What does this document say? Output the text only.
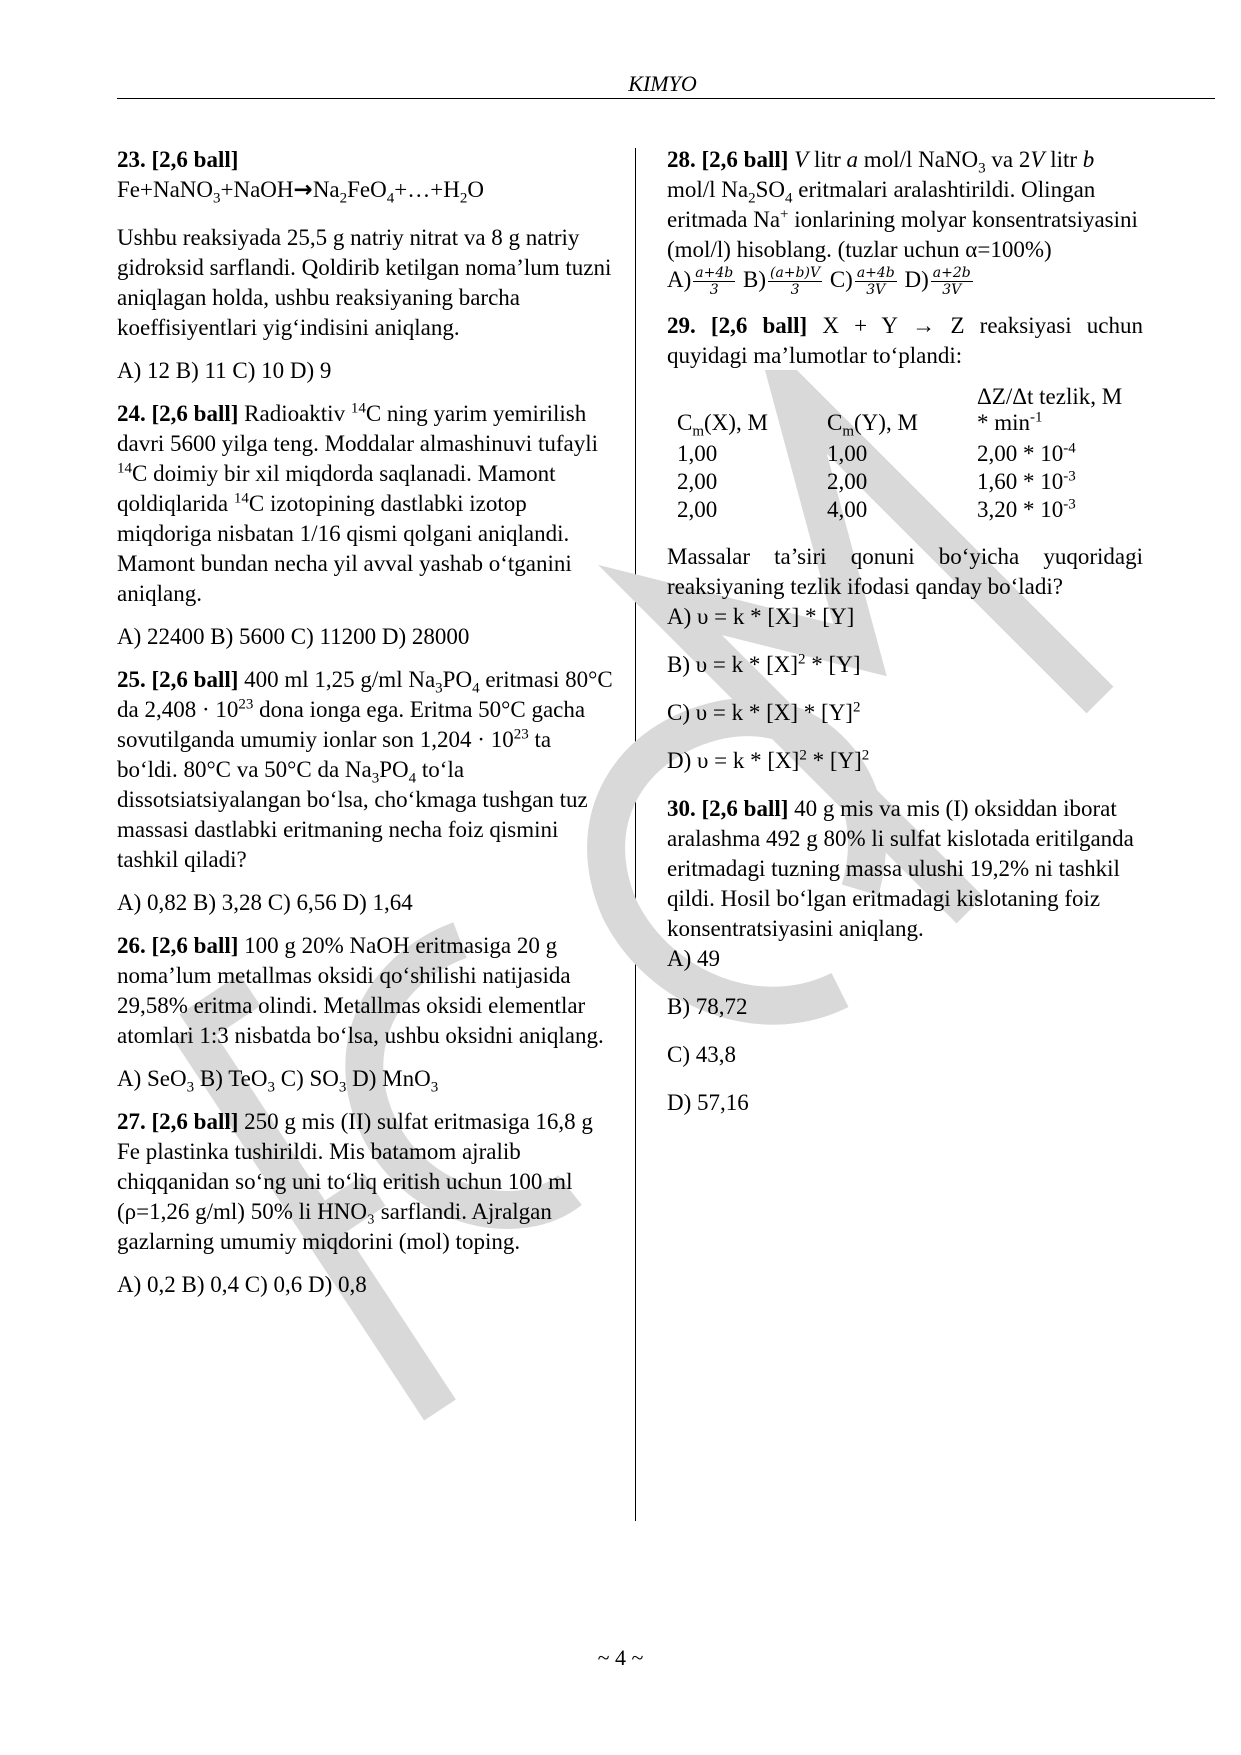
KIMYO
23. [2,6 ball]
$Fe+NaNO_3+NaOH\to Na_2FeO_4+\dots+H_2O$

Ushbu reaksiyada 25,5 g natriy nitrat va 8 g natriy gidroksid sarflandi. Qoldirib ketilgan noma’lum tuzni aniqlagan holda, ushbu reaksiyaning barcha koeffisiyentlari yig‘indisini aniqlang.

A) 12 B) 11 C) 10 D) 9

24. [2,6 ball] Radioaktiv $^{14}$C ning yarim yemirilish davri 5600 yilga teng. Moddalar almashinuvi tufayli $^{14}$C doimiy bir xil miqdorda saqlanadi. Mamont qoldiqlarida $^{14}$C izotopining dastlabki izotop miqdoriga nisbatan 1/16 qismi qolgani aniqlandi. Mamont bundan necha yil avval yashab o‘tganini aniqlang.

A) 22400 B) 5600 C) 11200 D) 28000

25. [2,6 ball] 400 ml 1,25 g/ml $Na_3PO_4$ eritmasi 80°C da $2,408 \cdot 10^{23}$ dona ionga ega. Eritma 50°C gacha sovutilganda umumiy ionlar son $1,204 \cdot 10^{23}$ ta bo‘ldi. 80°C va 50°C da $Na_3PO_4$ to‘la dissotsiatsiyalangan bo‘lsa, cho‘kmaga tushgan tuz massasi dastlabki eritmaning necha foiz qismini tashkil qiladi?

A) 0,82 B) 3,28 C) 6,56 D) 1,64

26. [2,6 ball] 100 g 20% NaOH eritmasiga 20 g noma’lum metallmas oksidi qo‘shilishi natijasida 29,58% eritma olindi. Metallmas oksidi elementlar atomlari 1:3 nisbatda bo‘lsa, ushbu oksidni aniqlang.

A) SeO$_3$ B) TeO$_3$ C) $SO_3$ D) MnO$_3$

27. [2,6 ball] 250 g mis (II) sulfat eritmasiga 16,8 g Fe plastinka tushirildi. Mis batamom ajralib chiqqanidan so‘ng uni to‘liq eritish uchun 100 ml (ρ=1,26 g/ml) 50% li HNO₃ sarflandi. Ajralgan gazlarning umumiy miqdorini (mol) toping.

A) 0,2 B) 0,4 C) 0,6 D) 0,8

28. [2,6 ball] V litr a mol/l NaNO$_3$ va 2V litr b mol/l $Na_2SO_4$ eritmalari aralashtirildi. Olingan eritmada Na+ ionlarining molyar konsentratsiyasini (mol/l) hisoblang. (tuzlar uchun α=100%)
$A) \frac{a+4b}{3} B) \frac{(a+b)V}{3} C) \frac{a+4b}{3V} D) \frac{a+2b}{3V}$

29. [2,6 ball] X + Y → Z reaksiyasi uchun quyidagi ma’lumotlar to‘plandi:

$C_m(X)$, M	$C_m(Y)$, M	ΔZ/Δt tezlik, M * $\min^{-1}$
1,00	1,00	$2,00 * 10^{-4}$
2,00	2,00	$1,60 * 10^{-3}$
2,00	4,00	$3,20 * 10^{-3}$
Massalar ta’siri qonuni bo‘yicha yuqoridagi reaksiyaning tezlik ifodasi qanday bo‘ladi?
A) υ = k * [X] * [Y]
B) $\upsilon = k * [X]^2 * [Y]$
C) $\upsilon = k * [X] * [Y]^2$
D) $\upsilon = k * [X]^2 * [Y]^2$
30. [2,6 ball] 40 g mis va mis (I) oksiddan iborat aralashma 492 g 80% li sulfat kislotada eritilganda eritmadagi tuzning massa ulushi 19,2% ni tashkil qildi. Hosil bo‘lgan eritmadagi kislotaning foiz konsentratsiyasini aniqlang.
A) 49
B) 78,72
C) 43,8
D) 57,16
~ 4 ~
